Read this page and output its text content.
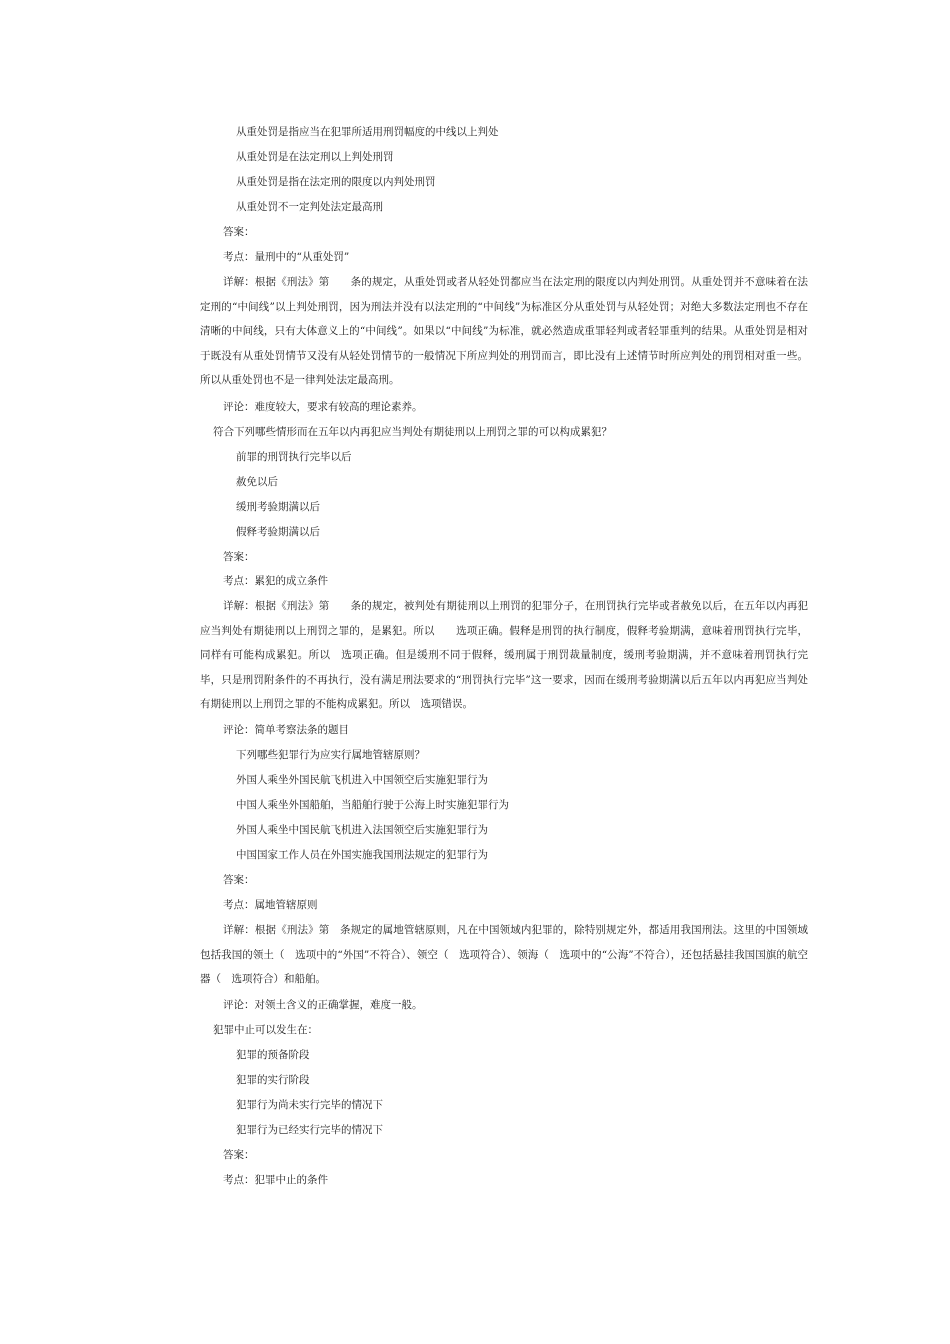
从重处罚是指应当在犯罪所适用刑罚幅度的中线以上判处
从重处罚是在法定刑以上判处刑罚
从重处罚是指在法定刑的限度以内判处刑罚
从重处罚不一定判处法定最高刑
答案：
考点：量刑中的“从重处罚”

详解：根据《刑法》第　　条的规定，从重处罚或者从轻处罚都应当在法定刑的限度以内判处刑罚。从重处罚并不意味着在法定刑的“中间线”以上判处刑罚，因为刑法并没有以法定刑的“中间线”为标准区分从重处罚与从轻处罚；对绝大多数法定刑也不存在清晰的中间线，只有大体意义上的“中间线”。如果以“中间线”为标准，就必然造成重罪轻判或者轻罪重判的结果。从重处罚是相对于既没有从重处罚情节又没有从轻处罚情节的一般情况下所应判处的刑罚而言，即比没有上述情节时所应判处的刑罚相对重一些。所以从重处罚也不是一律判处法定最高刑。

评论：难度较大，要求有较高的理论素养。
符合下列哪些情形而在五年以内再犯应当判处有期徒刑以上刑罚之罪的可以构成累犯？
前罪的刑罚执行完毕以后
赦免以后
缓刑考验期满以后
假释考验期满以后
答案：
考点：累犯的成立条件

详解：根据《刑法》第　　条的规定，被判处有期徒刑以上刑罚的犯罪分子，在刑罚执行完毕或者赦免以后，在五年以内再犯应当判处有期徒刑以上刑罚之罪的，是累犯。所以　　选项正确。假释是刑罚的执行制度，假释考验期满，意味着刑罚执行完毕，同样有可能构成累犯。所以　选项正确。但是缓刑不同于假释，缓刑属于刑罚裁量制度，缓刑考验期满，并不意味着刑罚执行完毕，只是刑罚附条件的不再执行，没有满足刑法要求的“刑罚执行完毕”这一要求，因而在缓刑考验期满以后五年以内再犯应当判处有期徒刑以上刑罚之罪的不能构成累犯。所以　选项错误。

评论：简单考察法条的题目
下列哪些犯罪行为应实行属地管辖原则？
外国人乘坐外国民航飞机进入中国领空后实施犯罪行为
中国人乘坐外国船舶，当船舶行驶于公海上时实施犯罪行为
外国人乘坐中国民航飞机进入法国领空后实施犯罪行为
中国国家工作人员在外国实施我国刑法规定的犯罪行为
答案：
考点：属地管辖原则

详解：根据《刑法》第　条规定的属地管辖原则，凡在中国领域内犯罪的，除特别规定外，都适用我国刑法。这里的中国领域包括我国的领土（　选项中的“外国”不符合）、领空（　选项符合）、领海（　选项中的“公海”不符合），还包括悬挂我国国旗的航空器（　选项符合）和船舶。

评论：对领土含义的正确掌握，难度一般。
犯罪中止可以发生在：
犯罪的预备阶段
犯罪的实行阶段
犯罪行为尚未实行完毕的情况下
犯罪行为已经实行完毕的情况下
答案：
考点：犯罪中止的条件
